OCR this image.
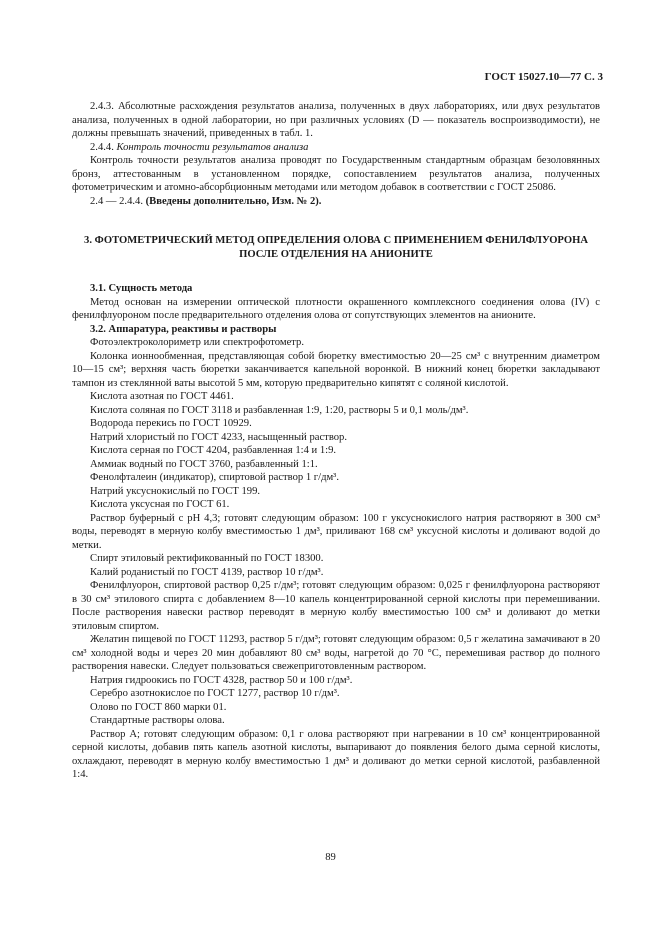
ГОСТ 15027.10—77 С. 3

2.4.3. Абсолютные расхождения результатов анализа, полученных в двух лабораториях, или двух результатов анализа, полученных в одной лаборатории, но при различных условиях (D — показатель воспроизводимости), не должны превышать значений, приведенных в табл. 1.

2.4.4. Контроль точности результатов анализа

Контроль точности результатов анализа проводят по Государственным стандартным образцам безоловянных бронз, аттестованным в установленном порядке, сопоставлением результатов анализа, полученных фотометрическим и атомно-абсорбционным методами или методом добавок в соответствии с ГОСТ 25086.

2.4 — 2.4.4. (Введены дополнительно, Изм. № 2).

3. ФОТОМЕТРИЧЕСКИЙ МЕТОД ОПРЕДЕЛЕНИЯ ОЛОВА С ПРИМЕНЕНИЕМ ФЕНИЛФЛУОРОНА ПОСЛЕ ОТДЕЛЕНИЯ НА АНИОНИТЕ

3.1. Сущность метода

Метод основан на измерении оптической плотности окрашенного комплексного соединения олова (IV) с фенилфлуороном после предварительного отделения олова от сопутствующих элементов на анионите.

3.2. Аппаратура, реактивы и растворы

Фотоэлектроколориметр или спектрофотометр.

Колонка ионнообменная, представляющая собой бюретку вместимостью 20—25 см³ с внутренним диаметром 10—15 см³; верхняя часть бюретки заканчивается капельной воронкой. В нижний конец бюретки закладывают тампон из стеклянной ваты высотой 5 мм, которую предварительно кипятят с соляной кислотой.

Кислота азотная по ГОСТ 4461.

Кислота соляная по ГОСТ 3118 и разбавленная 1:9, 1:20, растворы 5 и 0,1 моль/дм³.

Водорода перекись по ГОСТ 10929.

Натрий хлористый по ГОСТ 4233, насыщенный раствор.

Кислота серная по ГОСТ 4204, разбавленная 1:4 и 1:9.

Аммиак водный по ГОСТ 3760, разбавленный 1:1.

Фенолфталеин (индикатор), спиртовой раствор 1 г/дм³.

Натрий уксуснокислый по ГОСТ 199.

Кислота уксусная по ГОСТ 61.

Раствор буферный с рН 4,3; готовят следующим образом: 100 г уксуснокислого натрия растворяют в 300 см³ воды, переводят в мерную колбу вместимостью 1 дм³, приливают 168 см³ уксусной кислоты и доливают водой до метки.

Спирт этиловый ректификованный по ГОСТ 18300.

Калий роданистый по ГОСТ 4139, раствор 10 г/дм³.

Фенилфлуорон, спиртовой раствор 0,25 г/дм³; готовят следующим образом: 0,025 г фенилфлуорона растворяют в 30 см³ этилового спирта с добавлением 8—10 капель концентрированной серной кислоты при перемешивании. После растворения навески раствор переводят в мерную колбу вместимостью 100 см³ и доливают до метки этиловым спиртом.

Желатин пищевой по ГОСТ 11293, раствор 5 г/дм³; готовят следующим образом: 0,5 г желатина замачивают в 20 см³ холодной воды и через 20 мин добавляют 80 см³ воды, нагретой до 70 °С, перемешивая раствор до полного растворения навески. Следует пользоваться свежеприготовленным раствором.

Натрия гидроокись по ГОСТ 4328, раствор 50 и 100 г/дм³.

Серебро азотнокислое по ГОСТ 1277, раствор 10 г/дм³.

Олово по ГОСТ 860 марки 01.

Стандартные растворы олова.

Раствор А; готовят следующим образом: 0,1 г олова растворяют при нагревании в 10 см³ концентрированной серной кислоты, добавив пять капель азотной кислоты, выпаривают до появления белого дыма серной кислоты, охлаждают, переводят в мерную колбу вместимостью 1 дм³ и доливают до метки серной кислотой, разбавленной 1:4.

89
